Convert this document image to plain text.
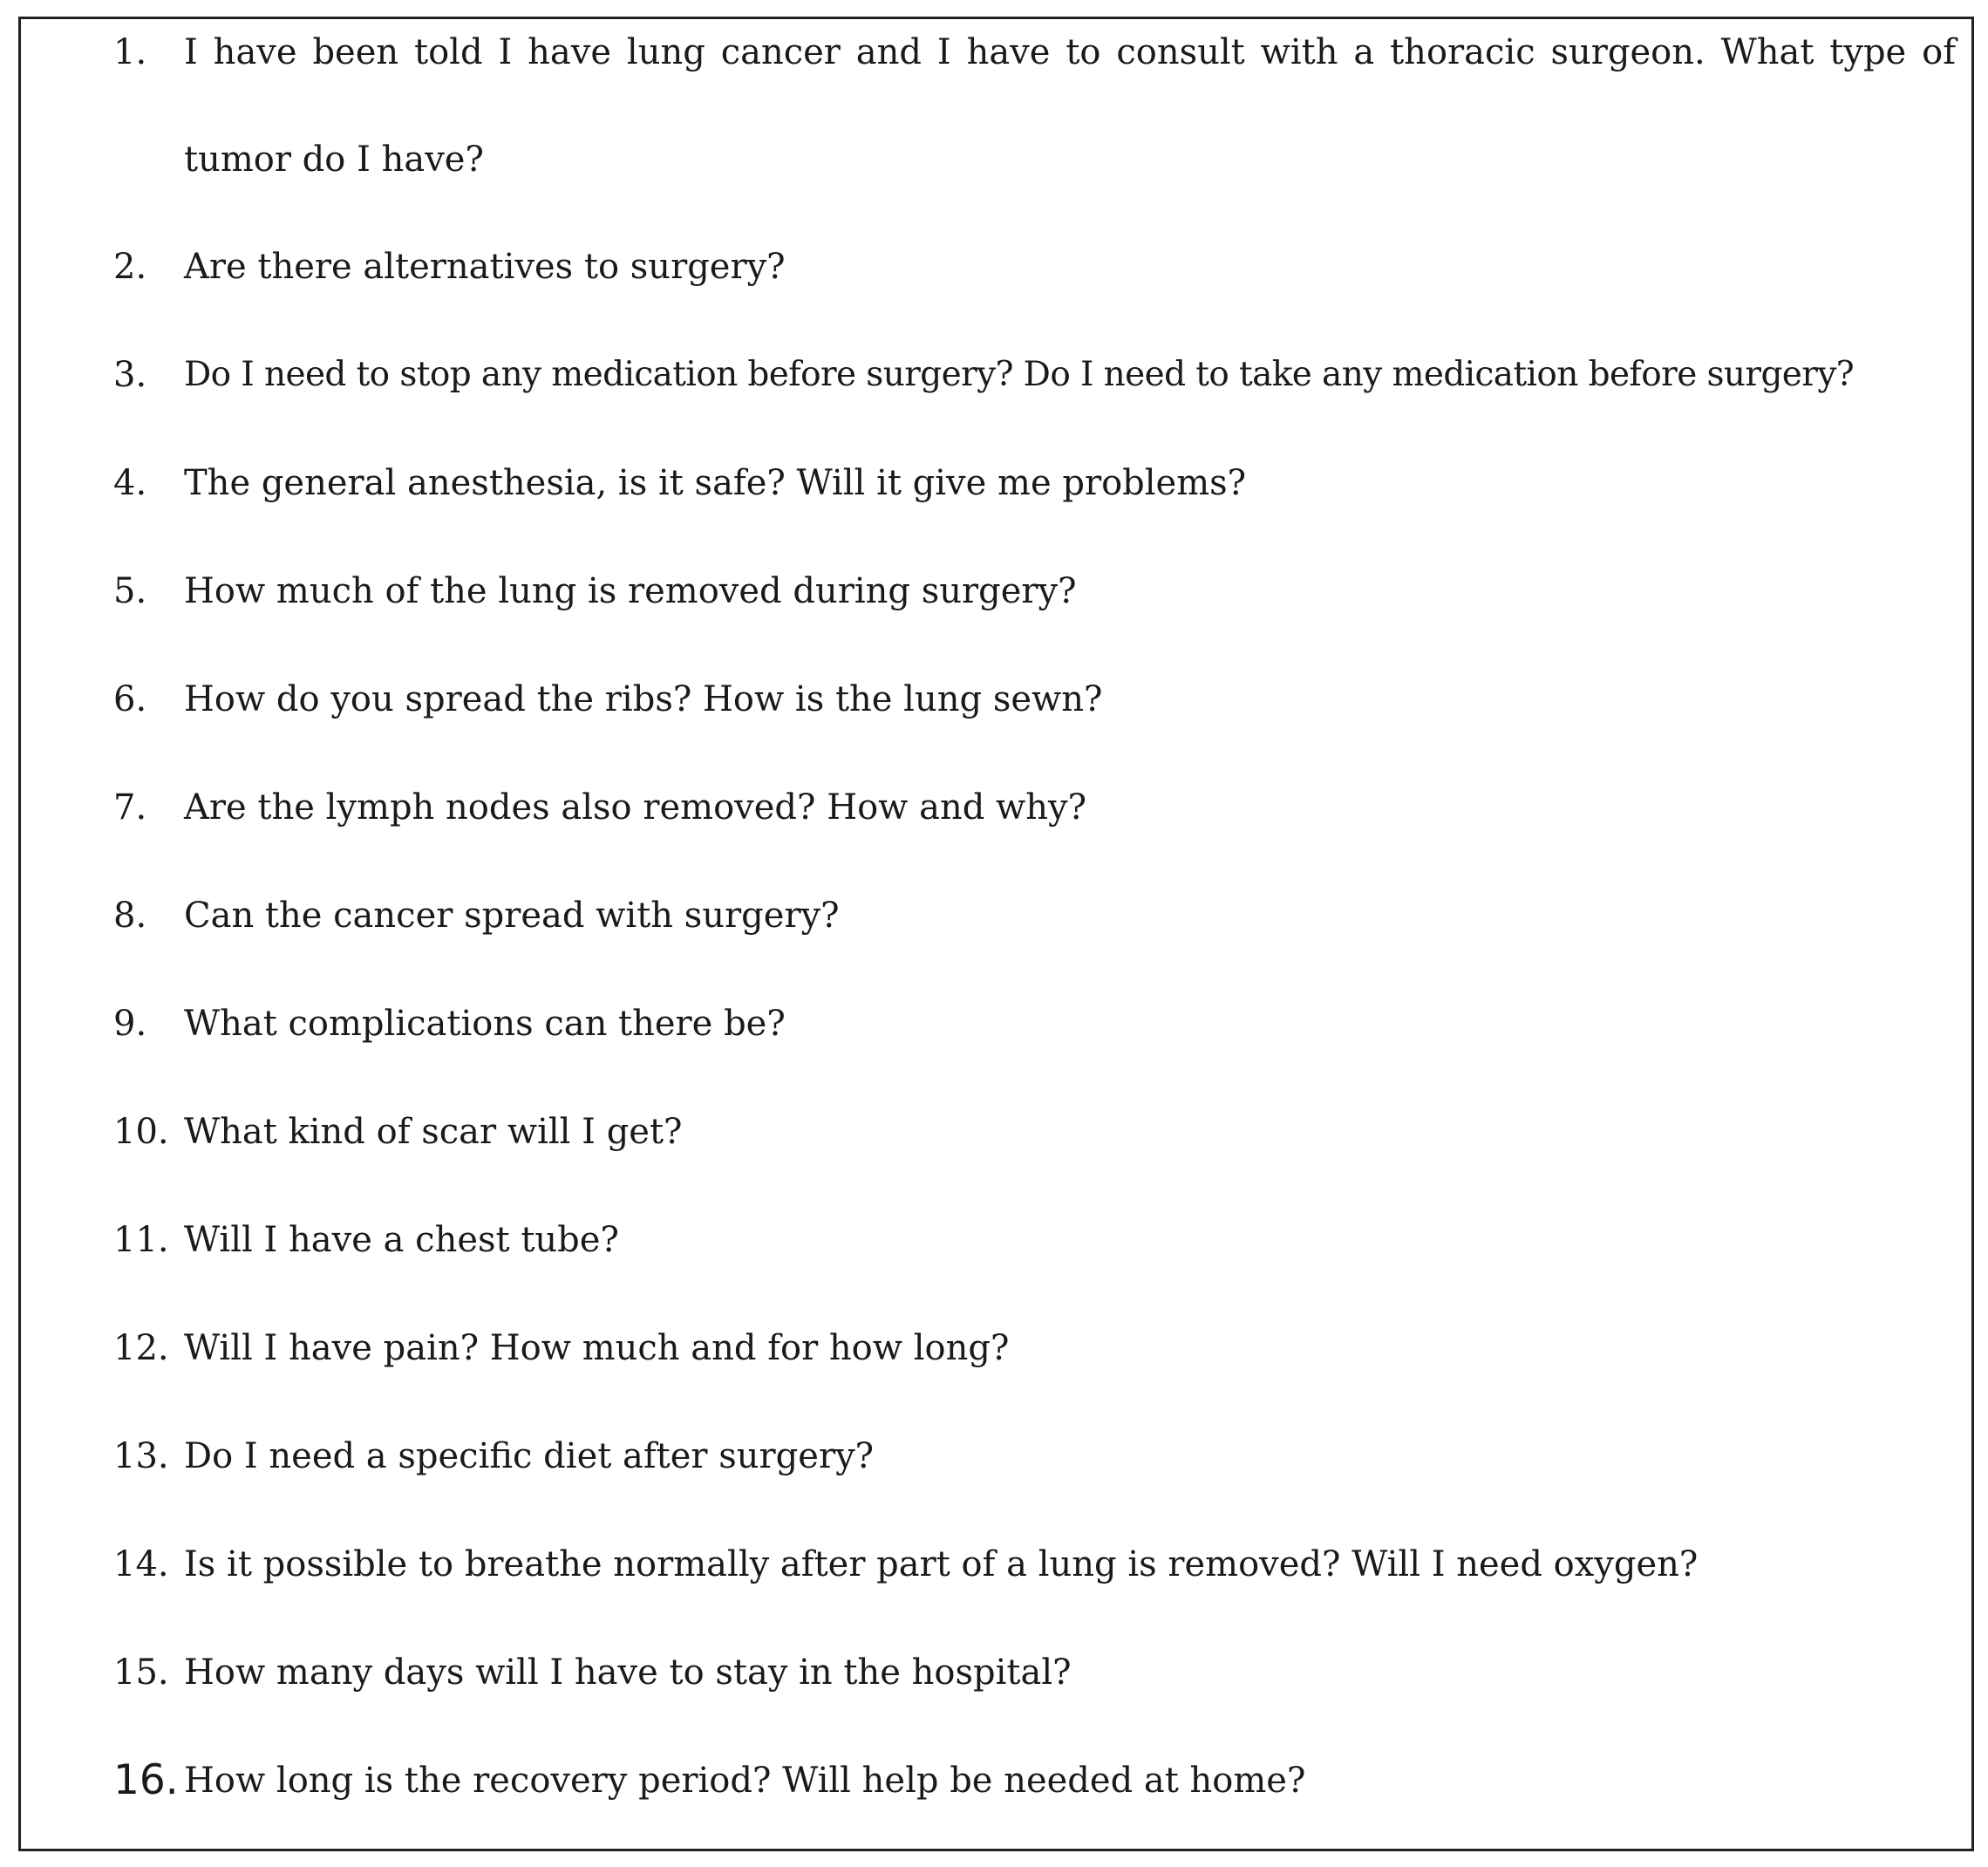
1. I have been told I have lung cancer and I have to consult with a thoracic surgeon. What type of tumor do I have?
2. Are there alternatives to surgery?
3. Do I need to stop any medication before surgery? Do I need to take any medication before surgery?
4. The general anesthesia, is it safe? Will it give me problems?
5. How much of the lung is removed during surgery?
6. How do you spread the ribs? How is the lung sewn?
7. Are the lymph nodes also removed? How and why?
8. Can the cancer spread with surgery?
9. What complications can there be?
10. What kind of scar will I get?
11. Will I have a chest tube?
12. Will I have pain? How much and for how long?
13. Do I need a specific diet after surgery?
14. Is it possible to breathe normally after part of a lung is removed? Will I need oxygen?
15. How many days will I have to stay in the hospital?
16. How long is the recovery period? Will help be needed at home?
